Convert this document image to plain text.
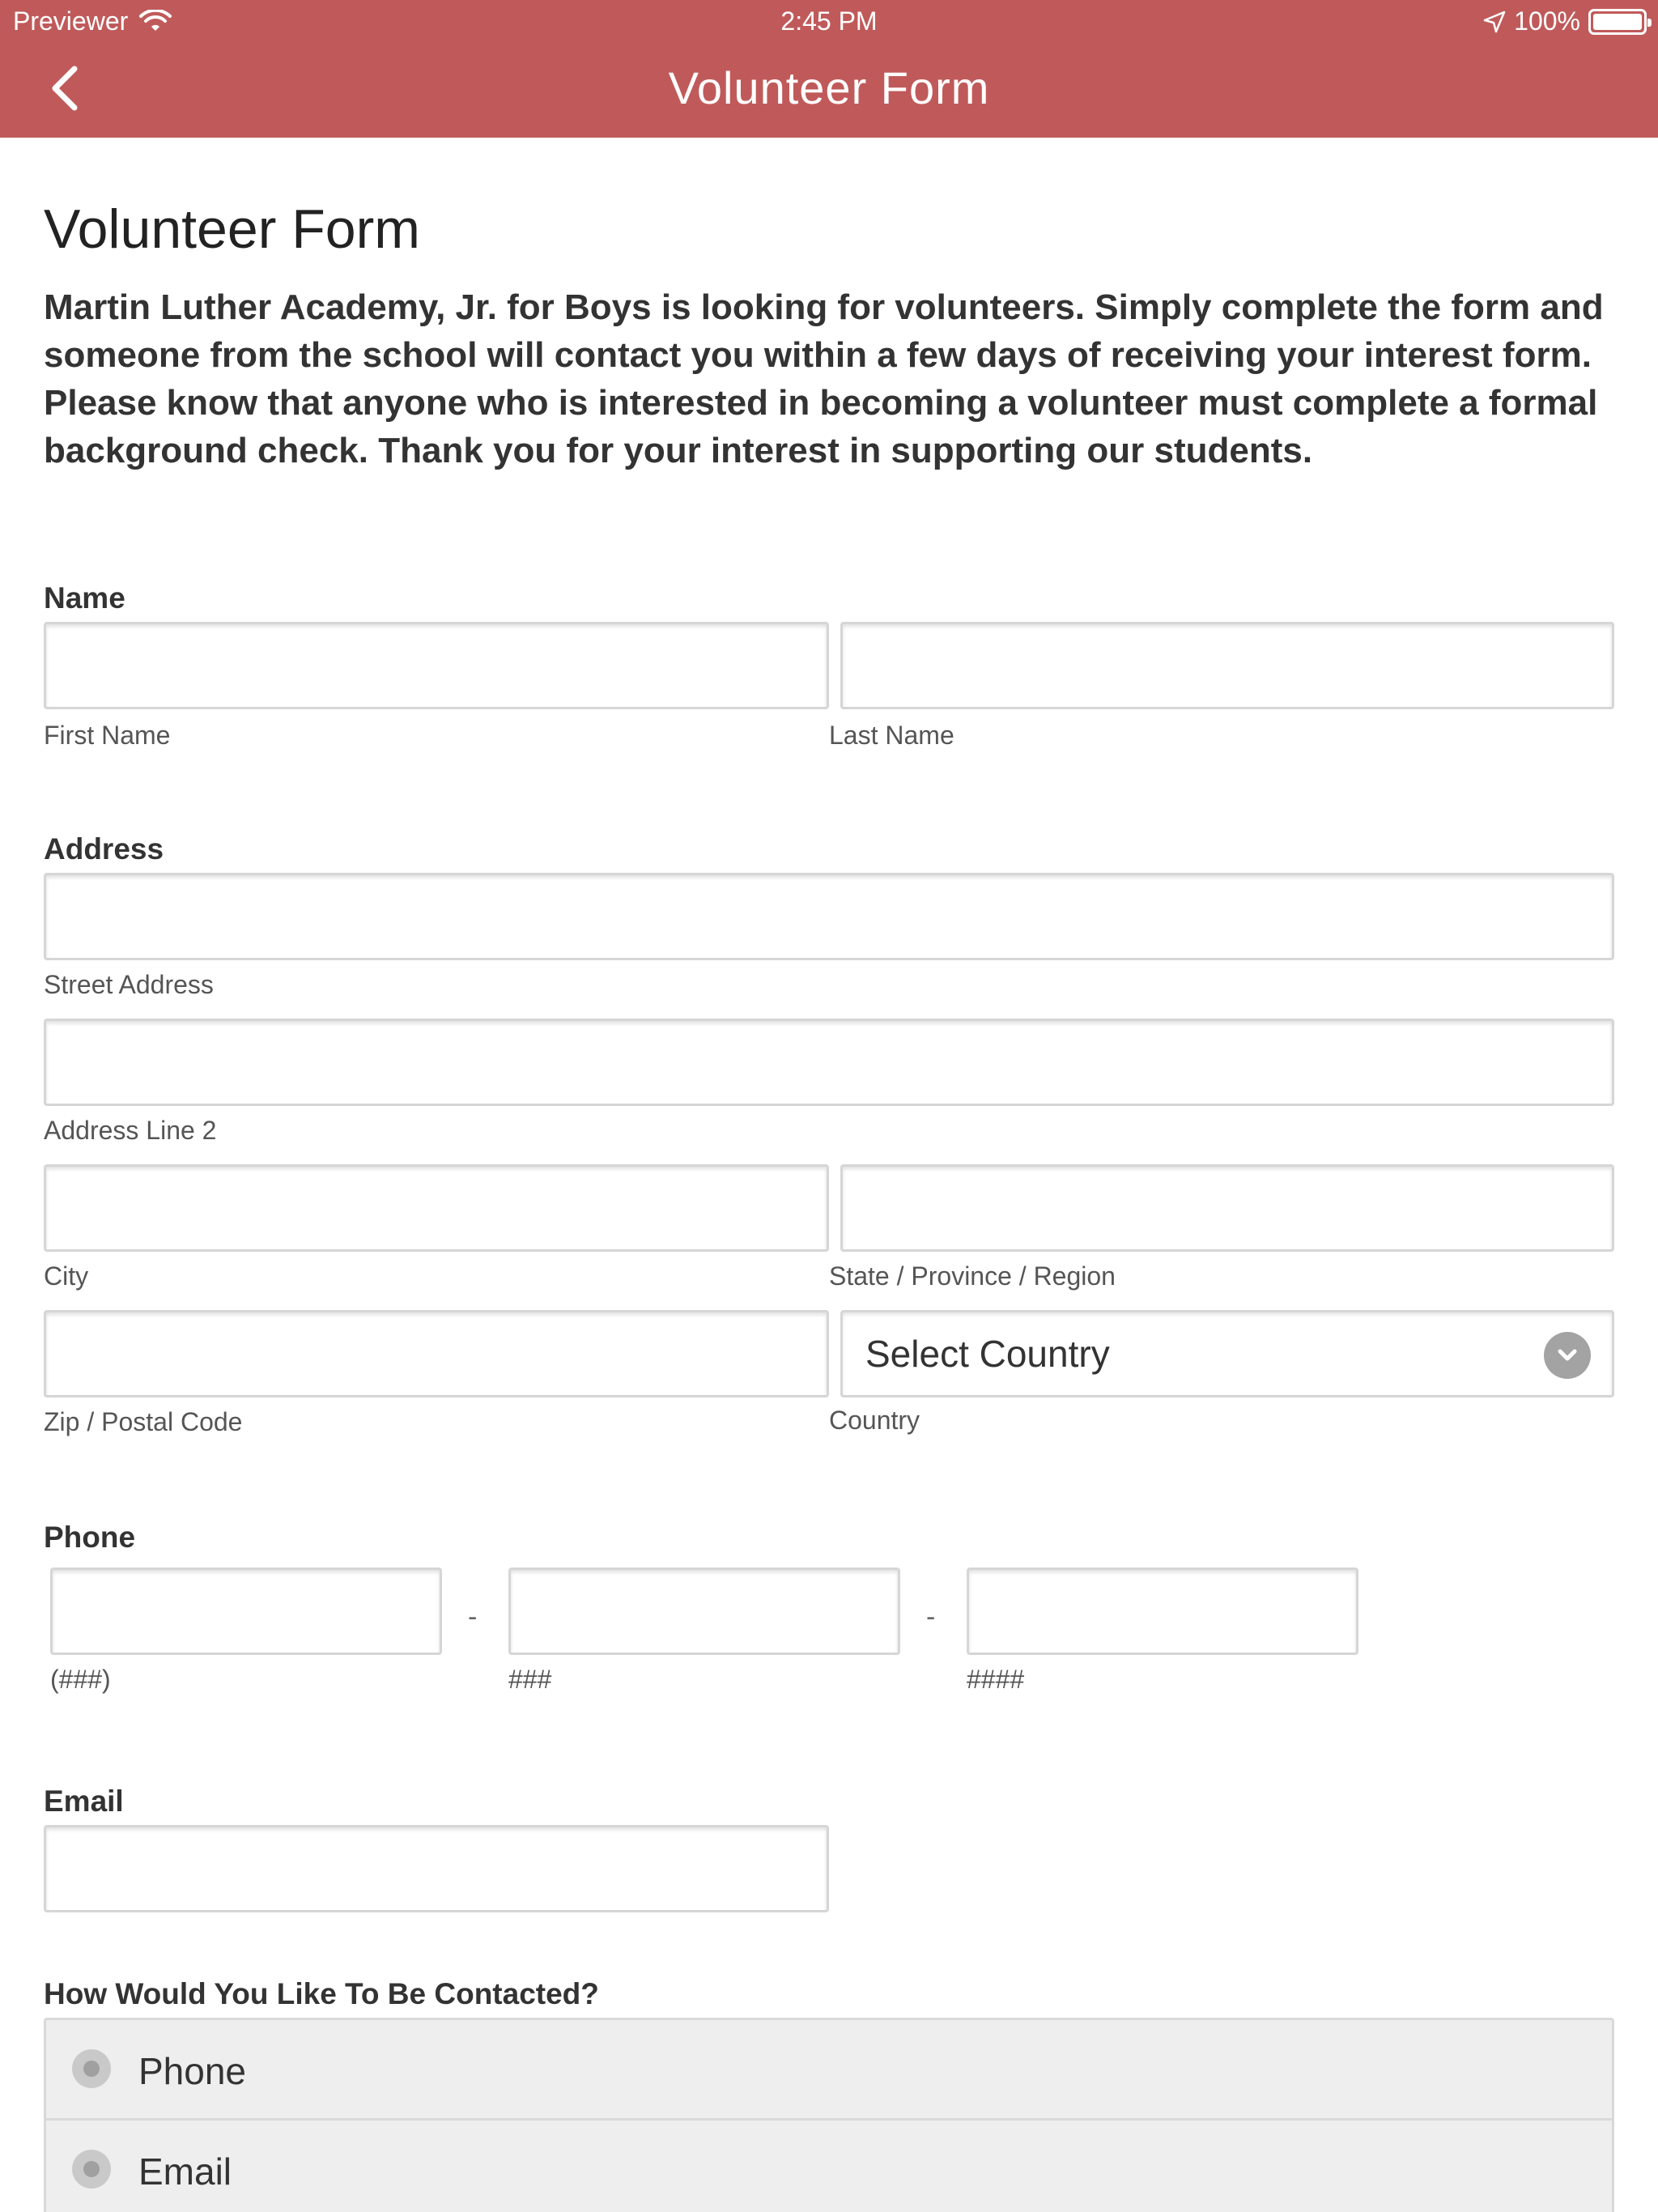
Previewer	2:45 PM	100%
Volunteer Form
Volunteer Form

Martin Luther Academy, Jr. for Boys is looking for volunteers. Simply complete the form and someone from the school will contact you within a few days of receiving your interest form. Please know that anyone who is interested in becoming a volunteer must complete a formal background check. Thank you for your interest in supporting our students.

Name
First Name	Last Name
Address
Street Address
Address Line 2
City	State / Province / Region
Select Country
Zip / Postal Code	Country
Phone
-	-
(###)	###	####
Email
How Would You Like To Be Contacted?
Phone
Email
